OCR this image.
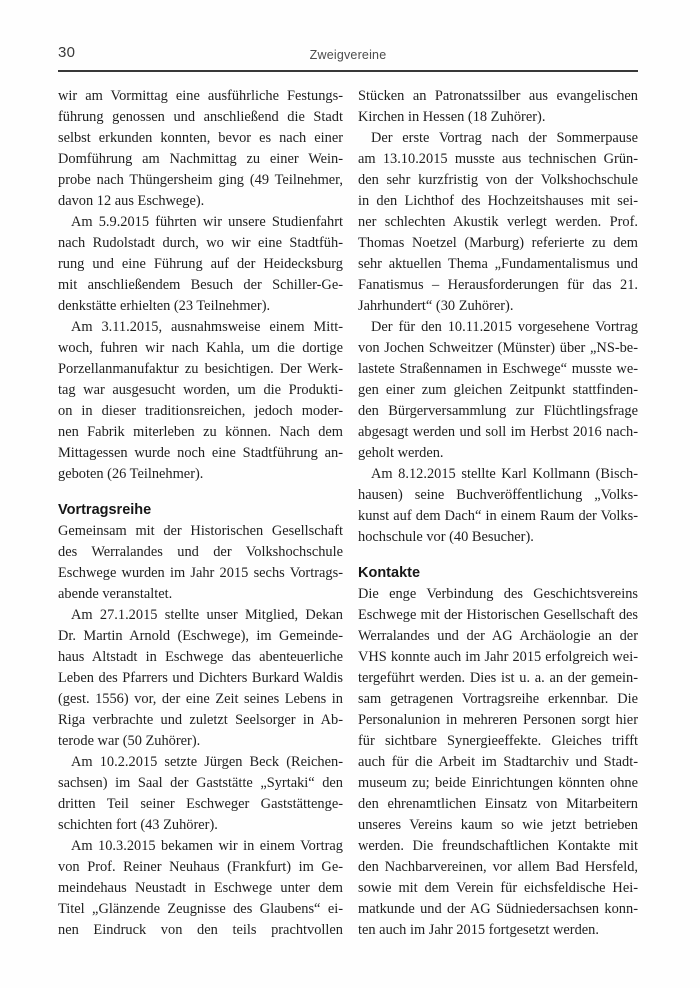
30	Zweigvereine
wir am Vormittag eine ausführliche Festungs-
führung genossen und anschließend die Stadt
selbst erkunden konnten, bevor es nach einer
Domführung am Nachmittag zu einer Wein-
probe nach Thüngersheim ging (49 Teilnehmer,
davon 12 aus Eschwege).
Am 5.9.2015 führten wir unsere Studienfahrt
nach Rudolstadt durch, wo wir eine Stadtfüh-
rung und eine Führung auf der Heidecksburg
mit anschließendem Besuch der Schiller-Ge-
denkstätte erhielten (23 Teilnehmer).
Am 3.11.2015, ausnahmsweise einem Mitt-
woch, fuhren wir nach Kahla, um die dortige
Porzellanmanufaktur zu besichtigen. Der Werk-
tag war ausgesucht worden, um die Produkti-
on in dieser traditionsreichen, jedoch moder-
nen Fabrik miterleben zu können. Nach dem
Mittagessen wurde noch eine Stadtführung an-
geboten (26 Teilnehmer).
Vortragsreihe
Gemeinsam mit der Historischen Gesellschaft
des Werralandes und der Volkshochschule
Eschwege wurden im Jahr 2015 sechs Vortrags-
abende veranstaltet.
Am 27.1.2015 stellte unser Mitglied, Dekan
Dr. Martin Arnold (Eschwege), im Gemeinde-
haus Altstadt in Eschwege das abenteuerliche
Leben des Pfarrers und Dichters Burkard Waldis
(gest. 1556) vor, der eine Zeit seines Lebens in
Riga verbrachte und zuletzt Seelsorger in Ab-
terode war (50 Zuhörer).
Am 10.2.2015 setzte Jürgen Beck (Reichen-
sachsen) im Saal der Gaststätte „Syrtaki“ den
dritten Teil seiner Eschweger Gaststättenge-
schichten fort (43 Zuhörer).
Am 10.3.2015 bekamen wir in einem Vortrag
von Prof. Reiner Neuhaus (Frankfurt) im Ge-
meindehaus Neustadt in Eschwege unter dem
Titel „Glänzende Zeugnisse des Glaubens“ ei-
nen Eindruck von den teils prachtvollen
Stücken an Patronatssilber aus evangelischen
Kirchen in Hessen (18 Zuhörer).
Der erste Vortrag nach der Sommerpause
am 13.10.2015 musste aus technischen Grün-
den sehr kurzfristig von der Volkshochschule
in den Lichthof des Hochzeitshauses mit sei-
ner schlechten Akustik verlegt werden. Prof.
Thomas Noetzel (Marburg) referierte zu dem
sehr aktuellen Thema „Fundamentalismus und
Fanatismus – Herausforderungen für das 21.
Jahrhundert“ (30 Zuhörer).
Der für den 10.11.2015 vorgesehene Vortrag
von Jochen Schweitzer (Münster) über „NS-be-
lastete Straßennamen in Eschwege“ musste we-
gen einer zum gleichen Zeitpunkt stattfinden-
den Bürgerversammlung zur Flüchtlingsfrage
abgesagt werden und soll im Herbst 2016 nach-
geholt werden.
Am 8.12.2015 stellte Karl Kollmann (Bisch-
hausen) seine Buchveröffentlichung „Volks-
kunst auf dem Dach“ in einem Raum der Volks-
hochschule vor (40 Besucher).
Kontakte
Die enge Verbindung des Geschichtsvereins
Eschwege mit der Historischen Gesellschaft des
Werralandes und der AG Archäologie an der
VHS konnte auch im Jahr 2015 erfolgreich wei-
tergeführt werden. Dies ist u. a. an der gemein-
sam getragenen Vortragsreihe erkennbar. Die
Personalunion in mehreren Personen sorgt hier
für sichtbare Synergieeffekte. Gleiches trifft
auch für die Arbeit im Stadtarchiv und Stadt-
museum zu; beide Einrichtungen könnten ohne
den ehrenamtlichen Einsatz von Mitarbeitern
unseres Vereins kaum so wie jetzt betrieben
werden. Die freundschaftlichen Kontakte mit
den Nachbarvereinen, vor allem Bad Hersfeld,
sowie mit dem Verein für eichsfeldische Hei-
matkunde und der AG Südniedersachsen konn-
ten auch im Jahr 2015 fortgesetzt werden.
